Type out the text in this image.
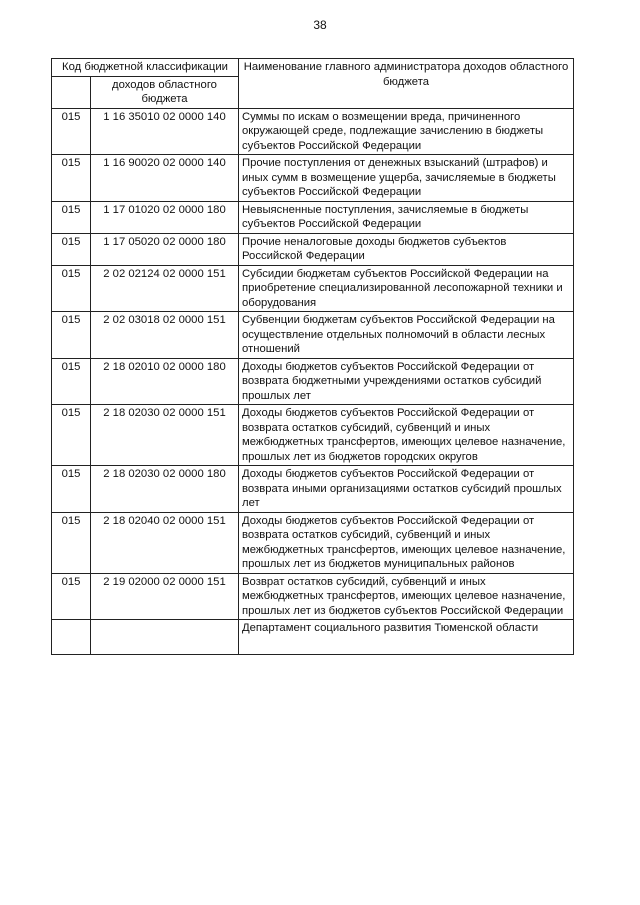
38
Код бюджетной классификации		Наименование главного администратора доходов областного бюджета
	доходов областного бюджета	
015	1 16 35010 02 0000 140	Суммы по искам о возмещении вреда, причиненного окружающей среде, подлежащие зачислению в бюджеты субъектов Российской Федерации
015	1 16 90020 02 0000 140	Прочие поступления от денежных взысканий (штрафов) и иных сумм в возмещение ущерба, зачисляемые в бюджеты субъектов Российской Федерации
015	1 17 01020 02 0000 180	Невыясненные поступления, зачисляемые в бюджеты субъектов Российской Федерации
015	1 17 05020 02 0000 180	Прочие неналоговые доходы бюджетов субъектов Российской Федерации
015	2 02 02124 02 0000 151	Субсидии бюджетам субъектов Российской Федерации на приобретение специализированной лесопожарной техники и оборудования
015	2 02 03018 02 0000 151	Субвенции бюджетам субъектов Российской Федерации на осуществление отдельных полномочий в области лесных отношений
015	2 18 02010 02 0000 180	Доходы бюджетов субъектов Российской Федерации от возврата бюджетными учреждениями остатков субсидий прошлых лет
015	2 18 02030 02 0000 151	Доходы бюджетов субъектов Российской Федерации от возврата остатков субсидий, субвенций и иных межбюджетных трансфертов, имеющих целевое назначение, прошлых лет из бюджетов городских округов
015	2 18 02030 02 0000 180	Доходы бюджетов субъектов Российской Федерации от возврата иными организациями остатков субсидий прошлых лет
015	2 18 02040 02 0000 151	Доходы бюджетов субъектов Российской Федерации от возврата остатков субсидий, субвенций и иных межбюджетных трансфертов, имеющих целевое назначение, прошлых лет из бюджетов муниципальных районов
015	2 19 02000 02 0000 151	Возврат остатков субсидий, субвенций и иных межбюджетных трансфертов, имеющих целевое назначение, прошлых лет из бюджетов субъектов Российской Федерации
		Департамент социального развития Тюменской области
